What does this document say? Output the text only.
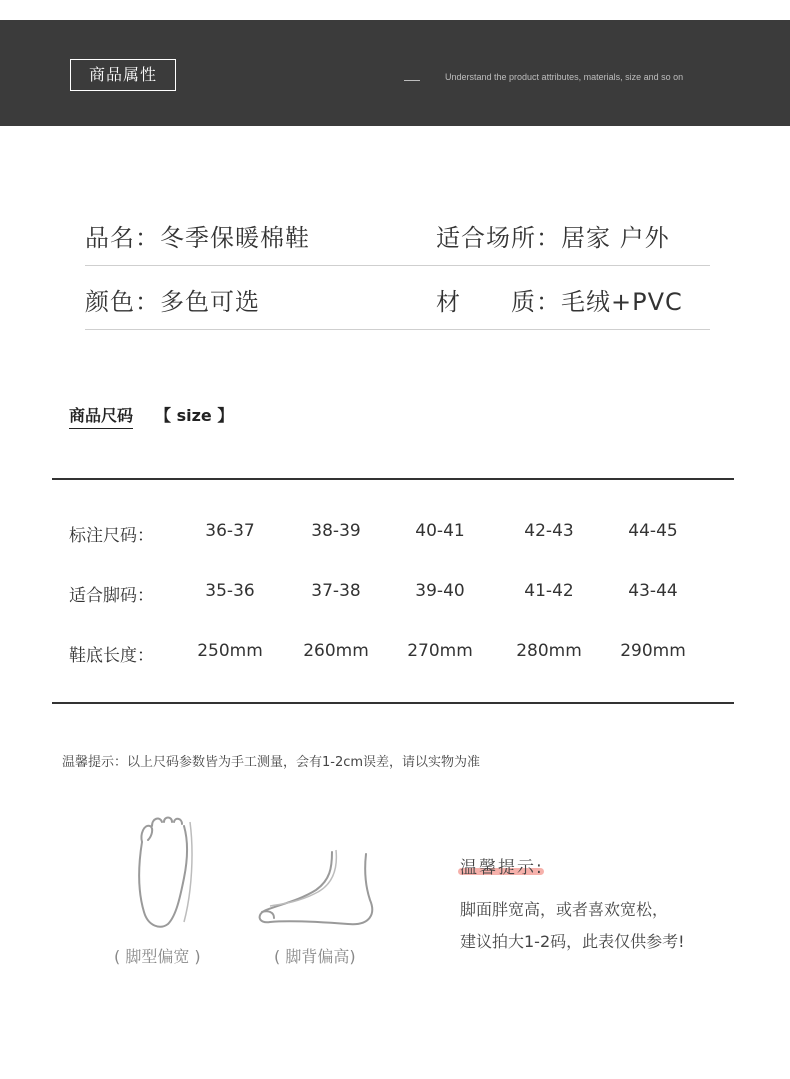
商品属性	Understand the product attributes, materials, size and so on
品名：冬季保暖棉鞋	适合场所：居家 户外
颜色：多色可选	材　　质：毛绒+PVC
商品尺码 【 size 】
标注尺码：	36-37	38-39	40-41	42-43	44-45
适合脚码：	35-36	37-38	39-40	41-42	43-44
鞋底长度：	250mm	260mm	270mm	280mm	290mm
温馨提示：以上尺码参数皆为手工测量，会有1-2cm误差，请以实物为准
( 脚型偏宽 )	( 脚背偏高)
温馨提示:
脚面胖宽高，或者喜欢宽松，
建议拍大1-2码，此表仅供参考!
